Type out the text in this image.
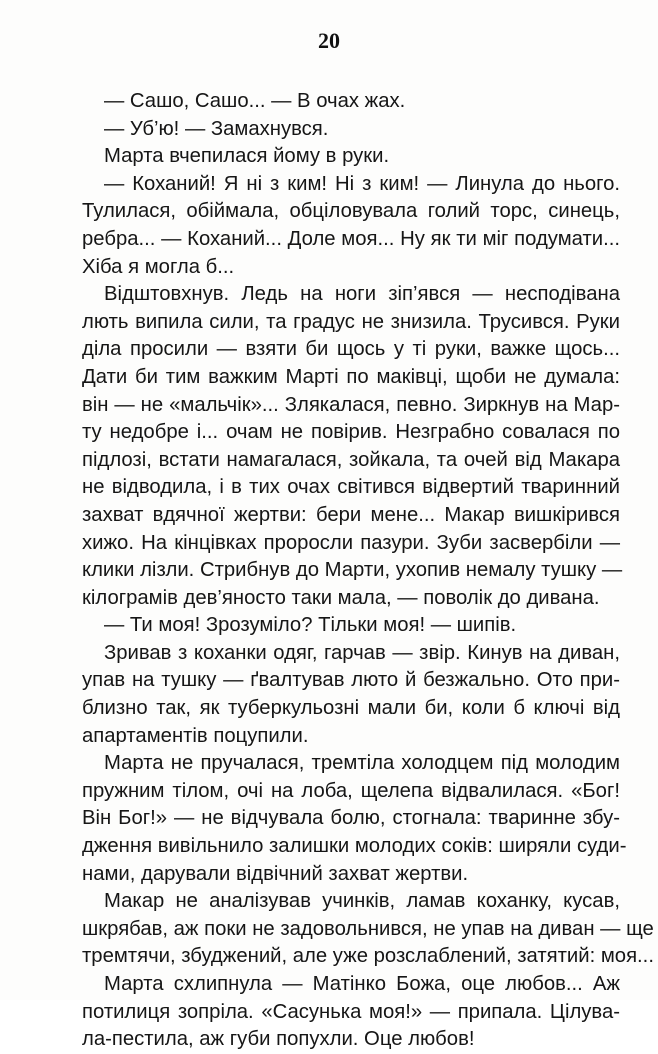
20
— Сашо, Сашо... — В очах жах.
— Уб’ю! — Замахнувся.
Марта вчепилася йому в руки.
— Коханий! Я ні з ким! Ні з ким! — Линула до нього.
Тулилася, обіймала, обціловувала голий торс, синець,
ребра... — Коханий... Доле моя... Ну як ти міг подумати...
Хіба я могла б...
Відштовхнув. Ледь на ноги зіп’явся — несподівана
лють випила сили, та градус не знизила. Трусився. Руки
діла просили — взяти би щось у ті руки, важке щось...
Дати би тим важким Марті по маківці, щоби не думала:
він — не «мальчік»... Злякалася, певно. Зиркнув на Мар-
ту недобре і... очам не повірив. Незграбно совалася по
підлозі, встати намагалася, зойкала, та очей від Макара
не відводила, і в тих очах світився відвертий тваринний
захват вдячної жертви: бери мене... Макар вишкірився
хижо. На кінцівках проросли пазури. Зуби засвербіли —
клики лізли. Стрибнув до Марти, ухопив немалу тушку —
кілограмів дев’яносто таки мала, — поволік до дивана.
— Ти моя! Зрозуміло? Тільки моя! — шипів.
Зривав з коханки одяг, гарчав — звір. Кинув на диван,
упав на тушку — ґвалтував люто й безжально. Ото при-
близно так, як туберкульозні мали би, коли б ключі від
апартаментів поцупили.
Марта не пручалася, тремтіла холодцем під молодим
пружним тілом, очі на лоба, щелепа відвалилася. «Бог!
Він Бог!» — не відчувала болю, стогнала: тваринне збу-
дження вивільнило залишки молодих соків: ширяли суди-
нами, дарували відвічний захват жертви.
Макар не аналізував учинків, ламав коханку, кусав,
шкрябав, аж поки не задовольнився, не упав на диван — ще
тремтячи, збуджений, але уже розслаблений, затятий: моя...
Марта схлипнула — Матінко Божа, оце любов... Аж
потилиця зопріла. «Сасунька моя!» — припала. Цілува-
ла-пестила, аж губи попухли. Оце любов!
